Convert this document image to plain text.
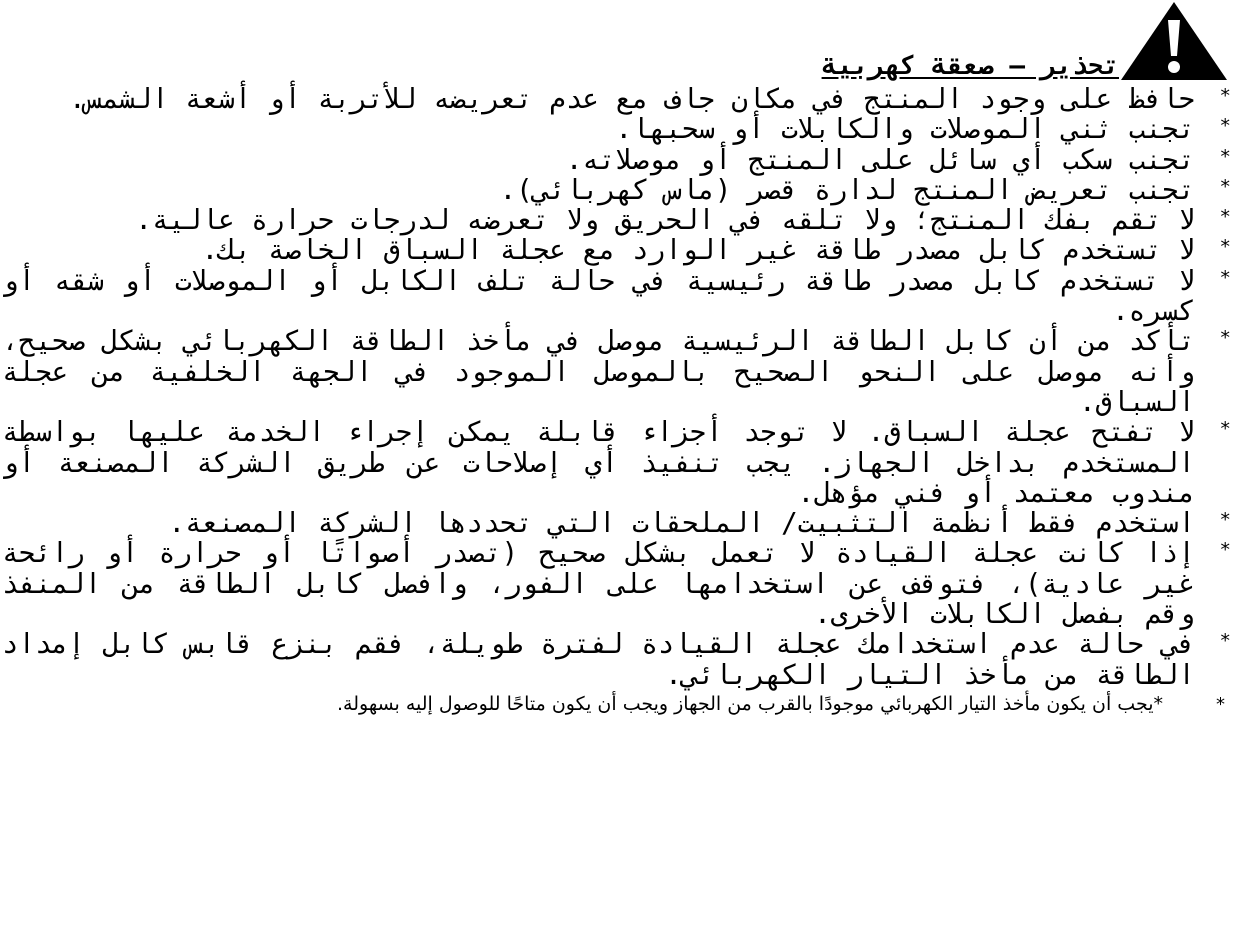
تحذير – صعقة كهربية
*
حافظ على وجود المنتج في مكان جاف مع عدم تعريضه للأتربة أو أشعة الشمس.
*
تجنب ثني الموصلات والكابلات أو سحبها.
*
تجنب سكب أي سائل على المنتج أو موصلاته.
*
تجنب تعريض المنتج لدارة قصر (ماس كهربائي).
*
لا تقم بفك المنتج؛ ولا تلقه في الحريق ولا تعرضه لدرجات حرارة عالية.
*
لا تستخدم كابل مصدر طاقة غير الوارد مع عجلة السباق الخاصة بك.
*
لا تستخدم كابل مصدر طاقة رئيسية في حالة تلف الكابل أو الموصلات أو شقه أو كسره.
*
تأكد من أن كابل الطاقة الرئيسية موصل في مأخذ الطاقة الكهربائي بشكل صحيح، وأنه موصل على النحو الصحيح بالموصل الموجود في الجهة الخلفية من عجلة السباق.
*
لا تفتح عجلة السباق. لا توجد أجزاء قابلة يمكن إجراء الخدمة عليها بواسطة المستخدم بداخل الجهاز. يجب تنفيذ أي إصلاحات عن طريق الشركة المصنعة أو مندوب معتمد أو فني مؤهل.
*
استخدم فقط أنظمة التثبيت/ الملحقات التي تحددها الشركة المصنعة.
*
إذا كانت عجلة القيادة لا تعمل بشكل صحيح (تصدر أصواتًا أو حرارة أو رائحة غير عادية)، فتوقف عن استخدامها على الفور، وافصل كابل الطاقة من المنفذ وقم بفصل الكابلات الأخرى.
*
في حالة عدم استخدامك عجلة القيادة لفترة طويلة، فقم بنزع قابس كابل إمداد الطاقة من مأخذ التيار الكهربائي.
*
*يجب أن يكون مأخذ التيار الكهربائي موجودًا بالقرب من الجهاز ويجب أن يكون متاحًا للوصول إليه بسهولة.
